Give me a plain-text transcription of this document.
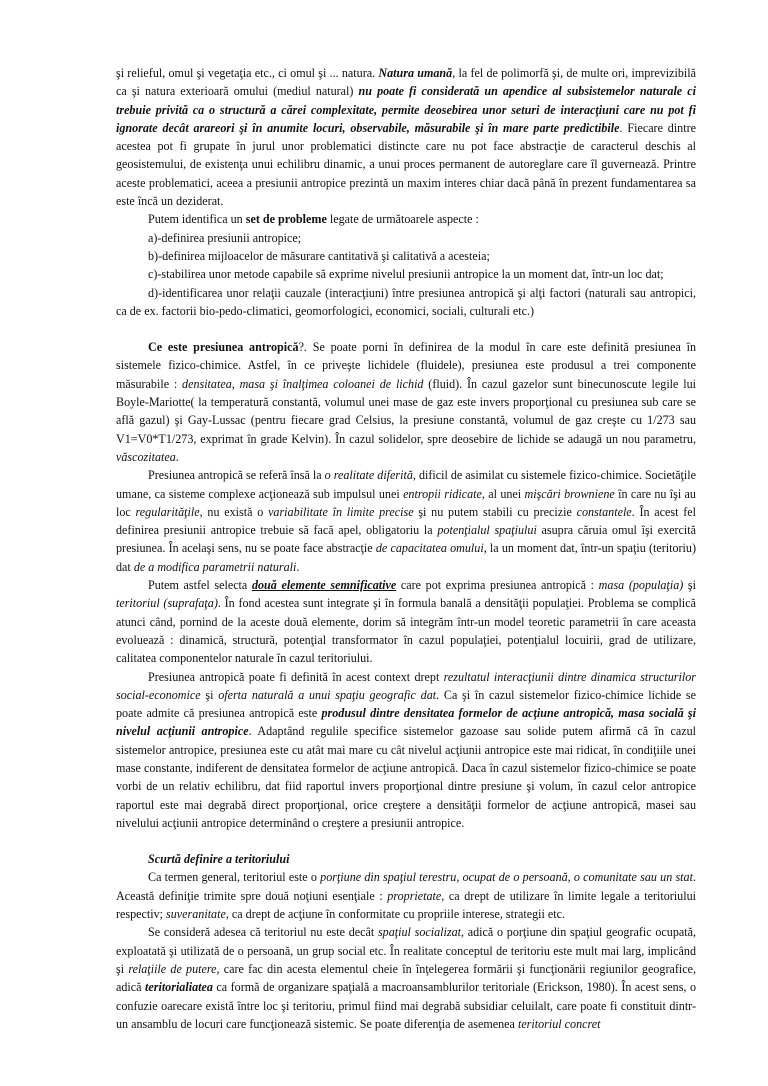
şi relieful, omul şi vegetaţia etc., ci omul şi ... natura. Natura umană, la fel de polimorfă şi, de multe ori, imprevizibilă ca şi natura exterioară omului (mediul natural) nu poate fi considerată un apendice al subsistemelor naturale ci trebuie privită ca o structură a cărei complexitate, permite deosebirea unor seturi de interacţiuni care nu pot fi ignorate decât arareori şi în anumite locuri, observabile, măsurabile şi în mare parte predictibile. Fiecare dintre acestea pot fi grupate în jurul unor problematici distincte care nu pot face abstracţie de caracterul deschis al geosistemului, de existenţa unui echilibru dinamic, a unui proces permanent de autoreglare care îl guvernează. Printre aceste problematici, aceea a presiunii antropice prezintă un maxim interes chiar dacă până în prezent fundamentarea sa este încă un deziderat.

Putem identifica un set de probleme legate de următoarele aspecte :

a)-definirea presiunii antropice;

b)-definirea mijloacelor de măsurare cantitativă şi calitativă a acesteia;

c)-stabilirea unor metode capabile să exprime nivelul presiunii antropice la un moment dat, într-un loc dat;

d)-identificarea unor relaţii cauzale (interacţiuni) între presiunea antropică şi alţi factori (naturali sau antropici, ca de ex. factorii bio-pedo-climatici, geomorfologici, economici, sociali, culturali etc.)

Ce este presiunea antropică?. Se poate porni în definirea de la modul în care este definită presiunea în sistemele fizico-chimice. Astfel, în ce priveşte lichidele (fluidele), presiunea este produsul a trei componente măsurabile : densitatea, masa şi înalţimea coloanei de lichid (fluid). În cazul gazelor sunt binecunoscute legile lui Boyle-Mariotte( la temperatură constantă, volumul unei mase de gaz este invers proporţional cu presiunea sub care se află gazul) şi Gay-Lussac (pentru fiecare grad Celsius, la presiune constantă, volumul de gaz creşte cu 1/273 sau V1=V0*T1/273, exprimat în grade Kelvin). În cazul solidelor, spre deosebire de lichide se adaugă un nou parametru, văscozitatea.

Presiunea antropică se referă însă la o realitate diferită, dificil de asimilat cu sistemele fizico-chimice. Societăţile umane, ca sisteme complexe acţionează sub impulsul unei entropii ridicate, al unei mişcări browniene în care nu îşi au loc regularităţile, nu există o variabilitate în limite precise şi nu putem stabili cu precizie constantele. În acest fel definirea presiunii antropice trebuie să facă apel, obligatoriu la potenţialul spaţiului asupra căruia omul îşi exercită presiunea. În acelaşi sens, nu se poate face abstracţie de capacitatea omului, la un moment dat, într-un spaţiu (teritoriu) dat de a modifica parametrii naturali.

Putem astfel selecta două elemente semnificative care pot exprima presiunea antropică : masa (populaţia) şi teritoriul (suprafaţa). În fond acestea sunt integrate şi în formula banală a densităţii populaţiei. Problema se complică atunci când, pornind de la aceste două elemente, dorim să integrăm într-un model teoretic parametrii în care aceasta evoluează : dinamică, structură, potenţial transformator în cazul populaţiei, potenţialul locuirii, grad de utilizare, calitatea componentelor naturale în cazul teritoriului.

Presiunea antropică poate fi definită în acest context drept rezultatul interacţiunii dintre dinamica structurilor social-economice şi oferta naturală a unui spaţiu geografic dat. Ca şi în cazul sistemelor fizico-chimice lichide se poate admite că presiunea antropică este produsul dintre densitatea formelor de acţiune antropică, masa socială şi nivelul acţiunii antropice. Adaptând regulile specifice sistemelor gazoase sau solide putem afirmă că în cazul sistemelor antropice, presiunea este cu atât mai mare cu cât nivelul acţiunii antropice este mai ridicat, în condiţiile unei mase constante, indiferent de densitatea formelor de acţiune antropică. Daca în cazul sistemelor fizico-chimice se poate vorbi de un relativ echilibru, dat fiid raportul invers proporţional dintre presiune şi volum, în cazul celor antropice raportul este mai degrabă direct proporţional, orice creştere a densităţii formelor de acţiune antropică, masei sau nivelului acţiunii antropice determinând o creştere a presiunii antropice.

Scurtă definire a teritoriului

Ca termen general, teritoriul este o porţiune din spaţiul terestru, ocupat de o persoană, o comunitate sau un stat. Această definiţie trimite spre două noţiuni esenţiale : proprietate, ca drept de utilizare în limite legale a teritoriului respectiv; suveranitate, ca drept de acţiune în conformitate cu propriile interese, strategii etc.

Se consideră adesea că teritoriul nu este decât spaţiul socializat, adică o porţiune din spaţiul geografic ocupată, exploatată şi utilizată de o persoană, un grup social etc. În realitate conceptul de teritoriu este mult mai larg, implicând şi relaţiile de putere, care fac din acesta elementul cheie în înţelegerea formării şi funcţionării regiunilor geografice, adică teritorialiatea ca formă de organizare spaţială a macroansamblurilor teritoriale (Erickson, 1980). În acest sens, o confuzie oarecare există între loc şi teritoriu, primul fiind mai degrabă subsidiar celuilalt, care poate fi constituit dintr-un ansamblu de locuri care funcţionează sistemic. Se poate diferenţia de asemenea teritoriul concret
